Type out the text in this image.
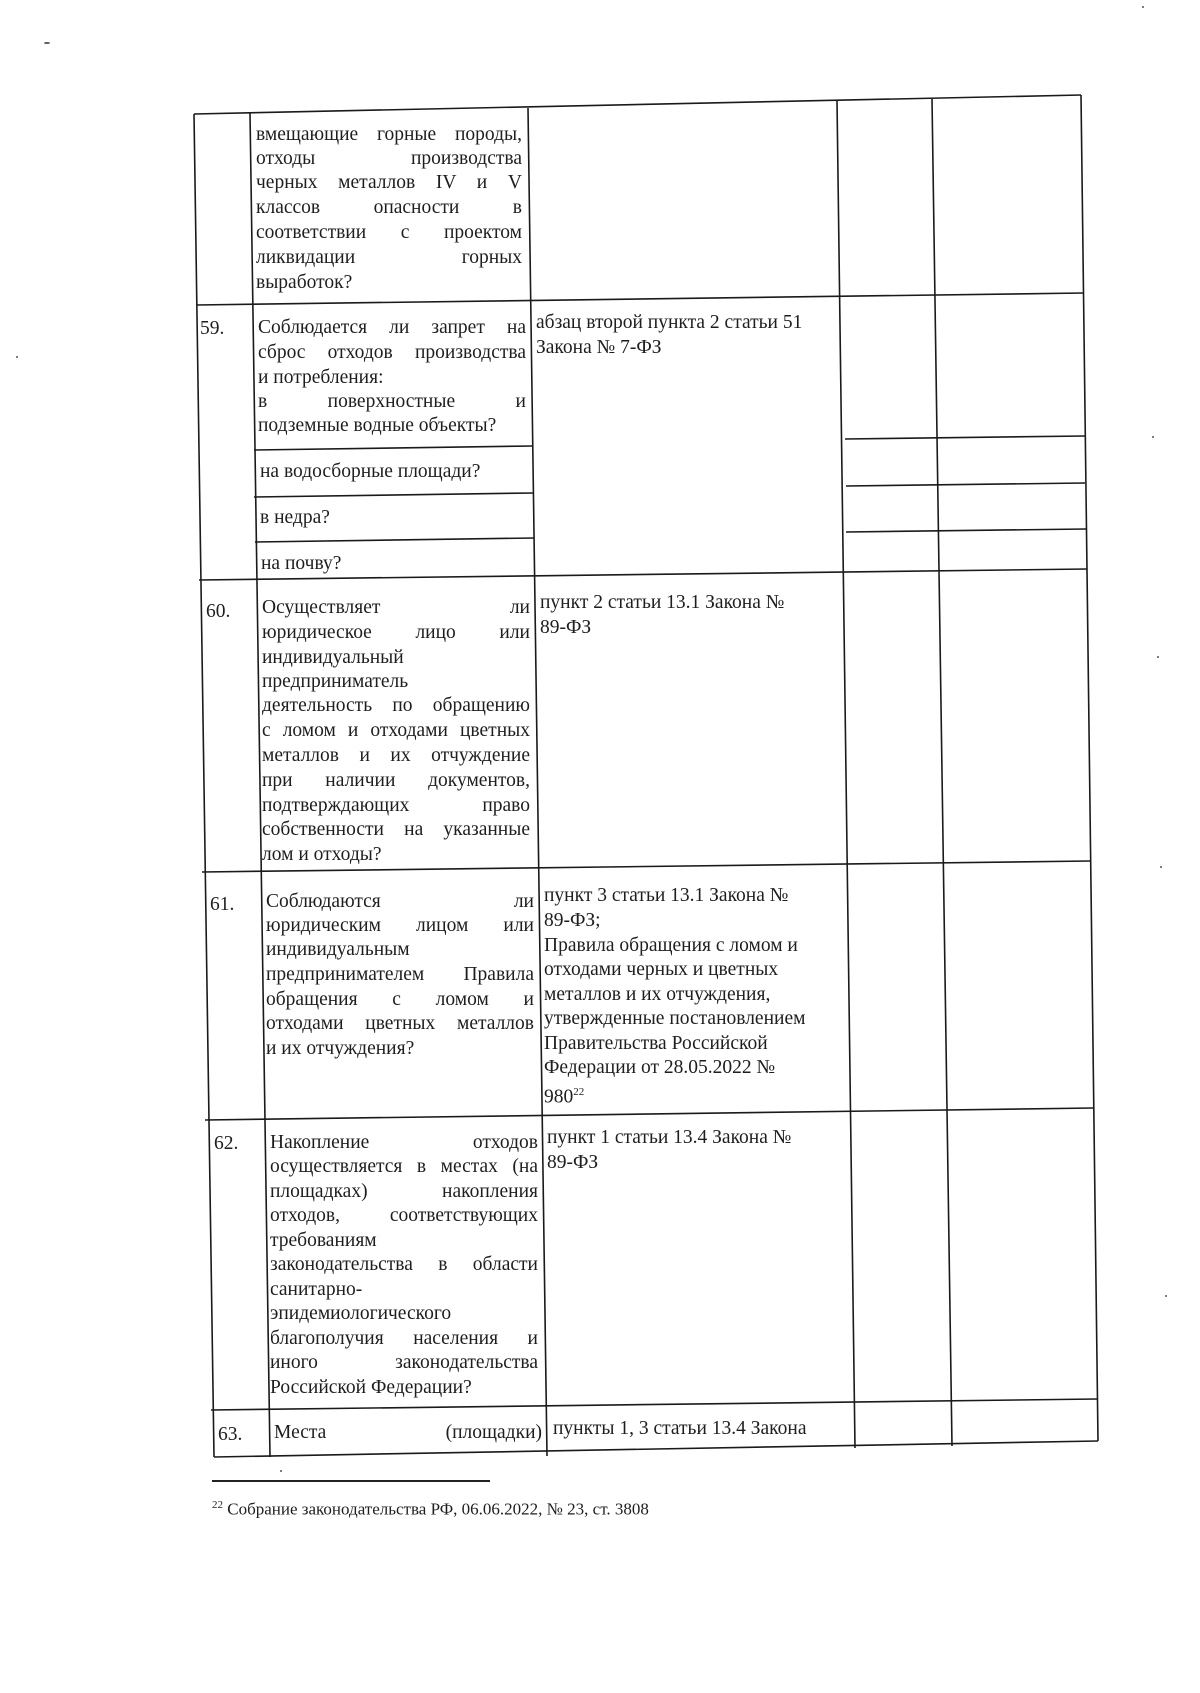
вмещающие горные породы,
отходы производства
черных металлов IV и V
классов опасности в
соответствии с проектом
ликвидации горных
выработок?
59. Соблюдается ли запрет на
сброс отходов производства
и потребления:
в поверхностные и
подземные водные объекты?
абзац второй пункта 2 статьи 51
Закона № 7-ФЗ
на водосборные площади?
в недра?
на почву?
60. Осуществляет ли
юридическое лицо или
индивидуальный
предприниматель
деятельность по обращению
с ломом и отходами цветных
металлов и их отчуждение
при наличии документов,
подтверждающих право
собственности на указанные
лом и отходы?
пункт 2 статьи 13.1 Закона №
89-ФЗ
61. Соблюдаются ли
юридическим лицом или
индивидуальным
предпринимателем Правила
обращения с ломом и
отходами цветных металлов
и их отчуждения?
пункт 3 статьи 13.1 Закона №
89-ФЗ;
Правила обращения с ломом и
отходами черных и цветных
металлов и их отчуждения,
утвержденные постановлением
Правительства Российской
Федерации от 28.05.2022 №
$980^{22}$
62. Накопление отходов
осуществляется в местах (на
площадках) накопления
отходов, соответствующих
требованиям
законодательства в области
санитарно-
эпидемиологического
благополучия населения и
иного законодательства
Российской Федерации?
пункт 1 статьи 13.4 Закона №
89-ФЗ
63. Места (площадки) пункты 1, 3 статьи 13.4 Закона
$^{22}$ Собрание законодательства РФ, 06.06.2022, № 23, ст. 3808
